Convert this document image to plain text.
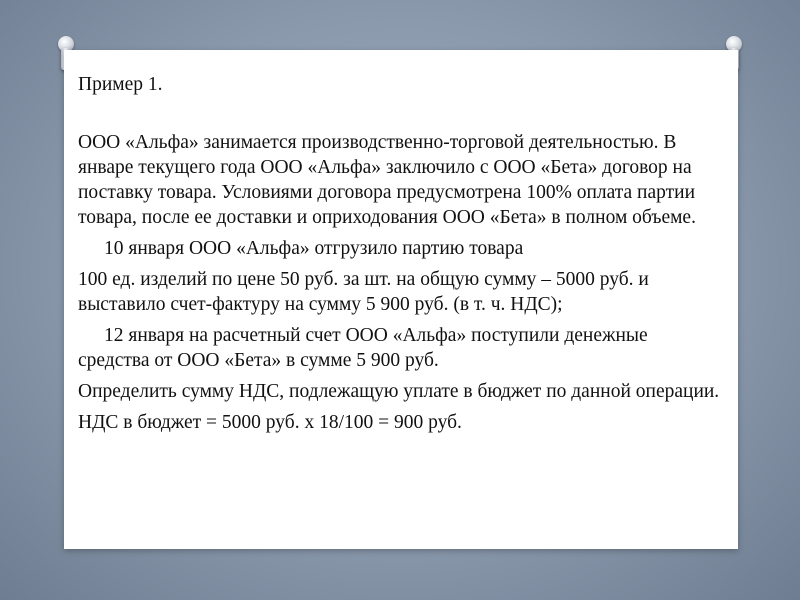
Пример 1.

ООО «Альфа» занимается производственно-торговой деятельностью. В январе текущего года ООО «Альфа» заключило с ООО «Бета» договор на поставку товара. Условиями договора предусмотрена 100% оплата партии товара, после ее доставки и оприходования ООО «Бета» в полном объеме.

10 января ООО «Альфа» отгрузило партию товара

100 ед. изделий по цене 50 руб. за шт. на общую сумму – 5000 руб. и выставило счет-фактуру на сумму 5 900 руб. (в т. ч. НДС);

12 января на расчетный счет ООО «Альфа» поступили денежные средства от ООО «Бета» в сумме 5 900 руб.

Определить сумму НДС, подлежащую уплате в бюджет по данной операции.

НДС в бюджет = 5000 руб. x 18/100 = 900 руб.
